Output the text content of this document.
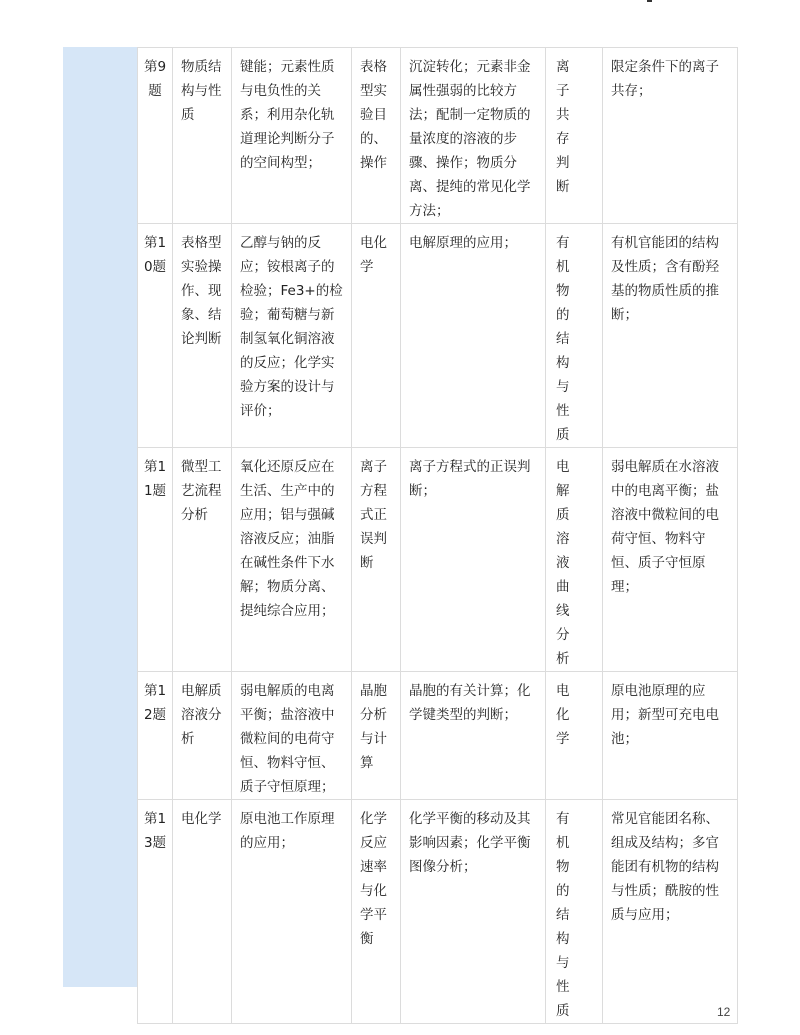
第9题	物质结构与性质	键能；元素性质与电负性的关系；利用杂化轨道理论判断分子的空间构型；	表格型实验目的、操作	沉淀转化；元素非金属性强弱的比较方法；配制一定物质的量浓度的溶液的步骤、操作；物质分离、提纯的常见化学方法；	离子共存判断	限定条件下的离子共存；
第10题	表格型实验操作、现象、结论判断	乙醇与钠的反应；铵根离子的检验；Fe3+的检验；葡萄糖与新制氢氧化铜溶液的反应；化学实验方案的设计与评价；	电化学	电解原理的应用；	有机物的结构与性质	有机官能团的结构及性质；含有酚羟基的物质性质的推断；
第11题	微型工艺流程分析	氧化还原反应在生活、生产中的应用；铝与强碱溶液反应；油脂在碱性条件下水解；物质分离、提纯综合应用；	离子方程式正误判断	离子方程式的正误判断；	电解质溶液曲线分析	弱电解质在水溶液中的电离平衡；盐溶液中微粒间的电荷守恒、物料守恒、质子守恒原理；
第12题	电解质溶液分析	弱电解质的电离平衡；盐溶液中微粒间的电荷守恒、物料守恒、质子守恒原理；	晶胞分析与计算	晶胞的有关计算；化学键类型的判断；	电化学	原电池原理的应用；新型可充电电池；
第13题	电化学	原电池工作原理的应用；	化学反应速率与化学平衡	化学平衡的移动及其影响因素；化学平衡图像分析；	有机物的结构与性质	常见官能团名称、组成及结构；多官能团有机物的结构与性质；酰胺的性质与应用；
12
